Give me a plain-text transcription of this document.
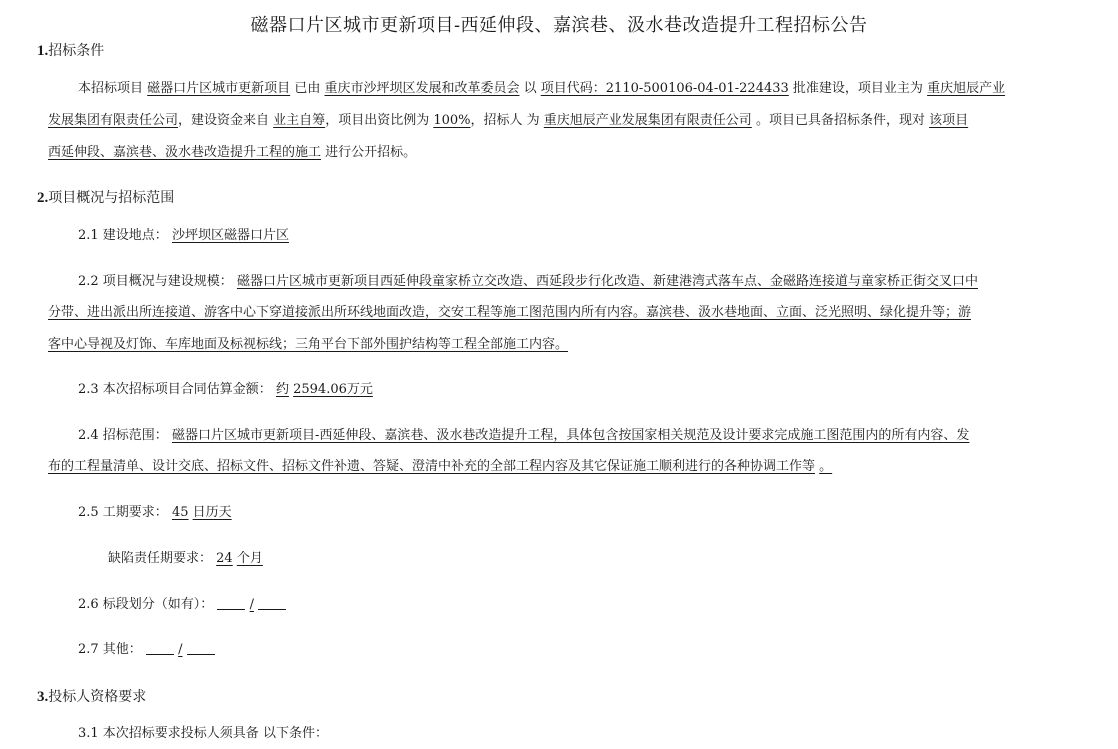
磁器口片区城市更新项目-西延伸段、嘉滨巷、汲水巷改造提升工程招标公告
1.招标条件
本招标项目 磁器口片区城市更新项目 已由 重庆市沙坪坝区发展和改革委员会 以 项目代码：2110-500106-04-01-224433 批准建设，项目业主为 重庆旭辰产业
发展集团有限责任公司，建设资金来自 业主自筹，项目出资比例为 100%，招标人 为 重庆旭辰产业发展集团有限责任公司 。项目已具备招标条件，现对 该项目
西延伸段、嘉滨巷、汲水巷改造提升工程的施工 进行公开招标。
2.项目概况与招标范围
2.1 建设地点： 沙坪坝区磁器口片区
2.2 项目概况与建设规模： 磁器口片区城市更新项目西延伸段童家桥立交改造、西延段步行化改造、新建港湾式落车点、金磁路连接道与童家桥正街交叉口中
分带、进出派出所连接道、游客中心下穿道接派出所环线地面改造，交安工程等施工图范围内所有内容。嘉滨巷、汲水巷地面、立面、泛光照明、绿化提升等；游
客中心导视及灯饰、车库地面及标视标线；三角平台下部外围护结构等工程全部施工内容。
2.3 本次招标项目合同估算金额： 约 2594.06万元
2.4 招标范围： 磁器口片区城市更新项目-西延伸段、嘉滨巷、汲水巷改造提升工程，具体包含按国家相关规范及设计要求完成施工图范围内的所有内容、发
布的工程量清单、设计交底、招标文件、招标文件补遗、答疑、澄清中补充的全部工程内容及其它保证施工顺利进行的各种协调工作等 。
2.5 工期要求： 45 日历天
缺陷责任期要求： 24 个月
2.6 标段划分（如有）：	/
2.7 其他：	/
3.投标人资格要求
3.1 本次招标要求投标人须具备 以下条件：
